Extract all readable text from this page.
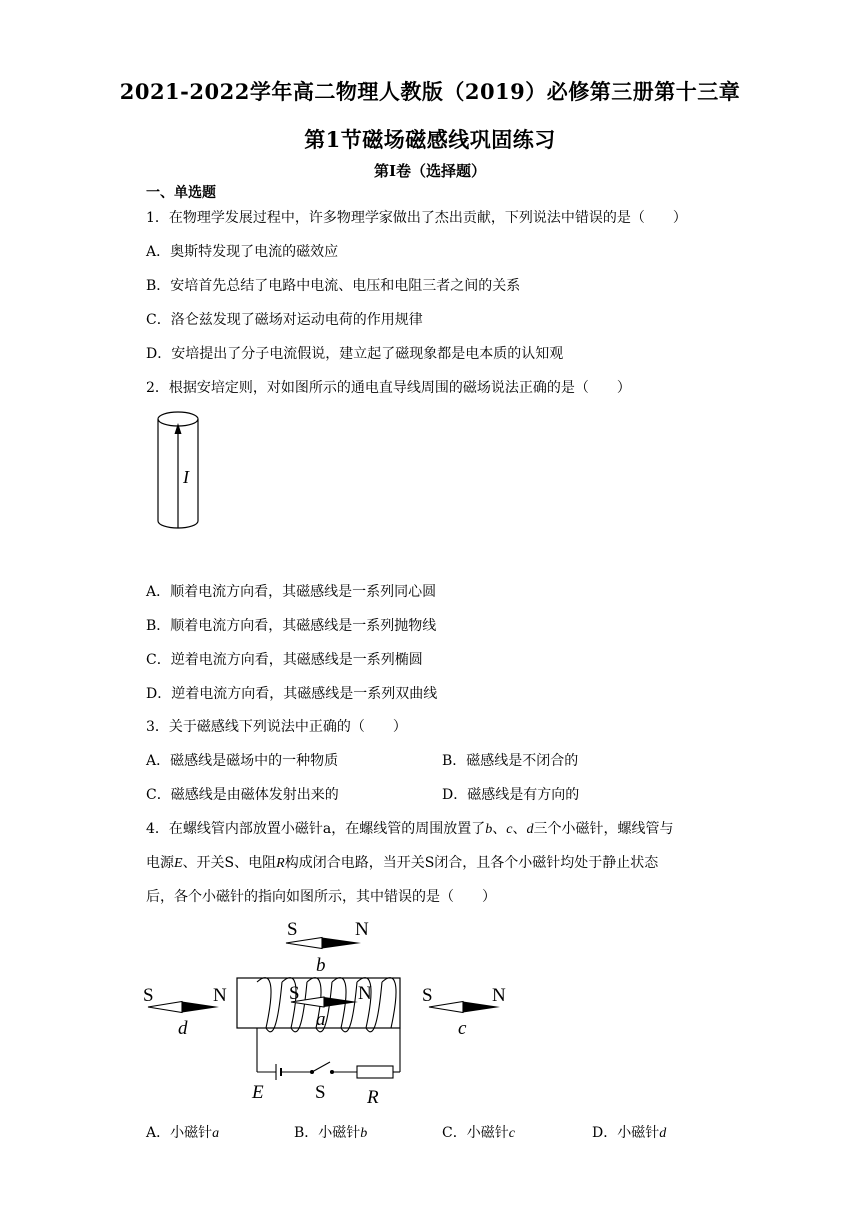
2021-2022学年高二物理人教版（2019）必修第三册第十三章
第1节磁场磁感线巩固练习
第I卷（选择题）
一、单选题
1．在物理学发展过程中，许多物理学家做出了杰出贡献，下列说法中错误的是（　　）
A．奥斯特发现了电流的磁效应
B．安培首先总结了电路中电流、电压和电阻三者之间的关系
C．洛仑兹发现了磁场对运动电荷的作用规律
D．安培提出了分子电流假说，建立起了磁现象都是电本质的认知观
2．根据安培定则，对如图所示的通电直导线周围的磁场说法正确的是（　　）
I
A．顺着电流方向看，其磁感线是一系列同心圆
B．顺着电流方向看，其磁感线是一系列抛物线
C．逆着电流方向看，其磁感线是一系列椭圆
D．逆着电流方向看，其磁感线是一系列双曲线
3．关于磁感线下列说法中正确的（　　）
A．磁感线是磁场中的一种物质	B．磁感线是不闭合的
C．磁感线是由磁体发射出来的	D．磁感线是有方向的
4．在螺线管内部放置小磁针a，在螺线管的周围放置了b、c、d三个小磁针，螺线管与
电源E、开关S、电阻R构成闭合电路，当开关S闭合，且各个小磁针均处于静止状态
后，各个小磁针的指向如图所示，其中错误的是（　　）
S	N
b
S	N
a
S	N
d
S	N
c
E	S R
A．小磁针a	B．小磁针b	C．小磁针c	D．小磁针d
